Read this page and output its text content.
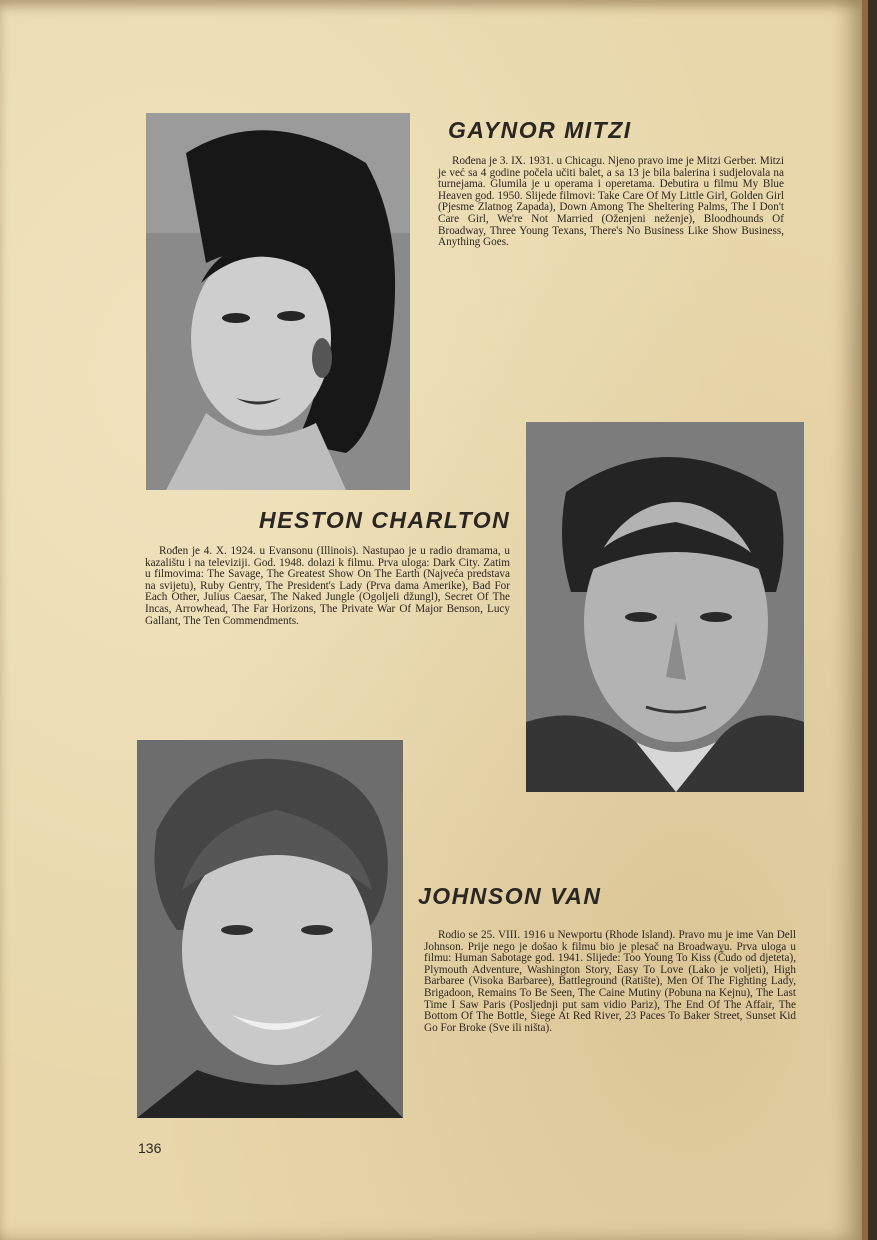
GAYNOR MITZI

Rođena je 3. IX. 1931. u Chicagu. Njeno pravo ime je Mitzi Gerber. Mitzi je već sa 4 godine počela učiti balet, a sa 13 je bila balerina i sudjelovala na turnejama. Glumila je u operama i operetama. Debutira u filmu My Blue Heaven god. 1950. Slijede filmovi: Take Care Of My Little Girl, Golden Girl (Pjesme Zlatnog Zapada), Down Among The Sheltering Palms, The I Don't Care Girl, We're Not Married (Oženjeni neženje), Bloodhounds Of Broadway, Three Young Texans, There's No Business Like Show Business, Anything Goes.

HESTON CHARLTON

Rođen je 4. X. 1924. u Evansonu (Illinois). Nastupao je u radio dramama, u kazalištu i na televiziji. God. 1948. dolazi k filmu. Prva uloga: Dark City. Zatim u filmovima: The Savage, The Greatest Show On The Earth (Najveća predstava na svijetu), Ruby Gentry, The President's Lady (Prva dama Amerike), Bad For Each Other, Julius Caesar, The Naked Jungle (Ogoljeli džungl), Secret Of The Incas, Arrowhead, The Far Horizons, The Private War Of Major Benson, Lucy Gallant, The Ten Commendments.

JOHNSON VAN

Rodio se 25. VIII. 1916 u Newportu (Rhode Island). Pravo mu je ime Van Dell Johnson. Prije nego je došao k filmu bio je plesač na Broadwayu. Prva uloga u filmu: Human Sabotage god. 1941. Slijede: Too Young To Kiss (Čudo od djeteta), Plymouth Adventure, Washington Story, Easy To Love (Lako je voljeti), High Barbaree (Visoka Barbaree), Battleground (Ratište), Men Of The Fighting Lady, Brigadoon, Remains To Be Seen, The Caine Mutiny (Pobuna na Kejnu), The Last Time I Saw Paris (Posljednji put sam vidio Pariz), The End Of The Affair, The Bottom Of The Bottle, Siege At Red River, 23 Paces To Baker Street, Sunset Kid Go For Broke (Sve ili ništa).

136
